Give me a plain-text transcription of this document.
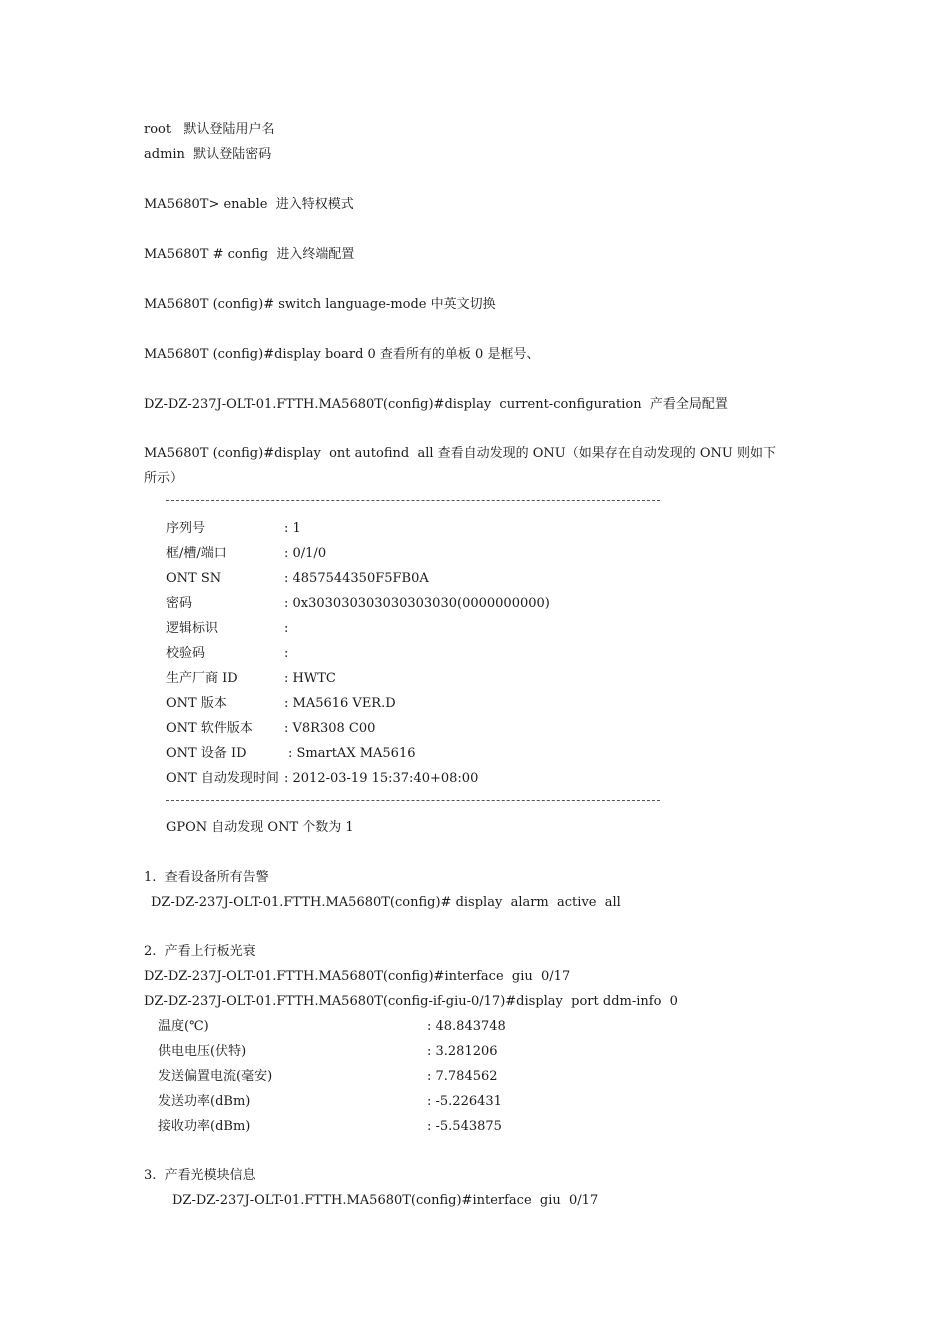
root   默认登陆用户名
admin  默认登陆密码
MA5680T> enable  进入特权模式
MA5680T # config  进入终端配置
MA5680T (config)# switch language-mode 中英文切换
MA5680T (config)#display board 0 查看所有的单板 0 是框号、
DZ-DZ-237J-OLT-01.FTTH.MA5680T(config)#display  current-configuration  产看全局配置
MA5680T (config)#display  ont autofind  all 查看自动发现的 ONU（如果存在自动发现的 ONU 则如下
所示）
序列号	: 1
框/槽/端口	: 0/1/0
ONT SN	: 4857544350F5FB0A
密码	: 0x303030303030303030(0000000000)
逻辑标识	:
校验码	:
生产厂商 ID	: HWTC
ONT 版本	: MA5616 VER.D
ONT 软件版本 : V8R308 C00
ONT 设备 ID	: SmartAX MA5616
ONT 自动发现时间 : 2012-03-19 15:37:40+08:00
GPON 自动发现 ONT 个数为 1
1.  查看设备所有告警
DZ-DZ-237J-OLT-01.FTTH.MA5680T(config)# display  alarm  active  all
2.  产看上行板光衰
DZ-DZ-237J-OLT-01.FTTH.MA5680T(config)#interface  giu  0/17
DZ-DZ-237J-OLT-01.FTTH.MA5680T(config-if-giu-0/17)#display  port ddm-info  0
温度(℃)	: 48.843748
供电电压(伏特)	: 3.281206
发送偏置电流(毫安)	: 7.784562
发送功率(dBm)	: -5.226431
接收功率(dBm)	: -5.543875
3.  产看光模块信息
DZ-DZ-237J-OLT-01.FTTH.MA5680T(config)#interface  giu  0/17
